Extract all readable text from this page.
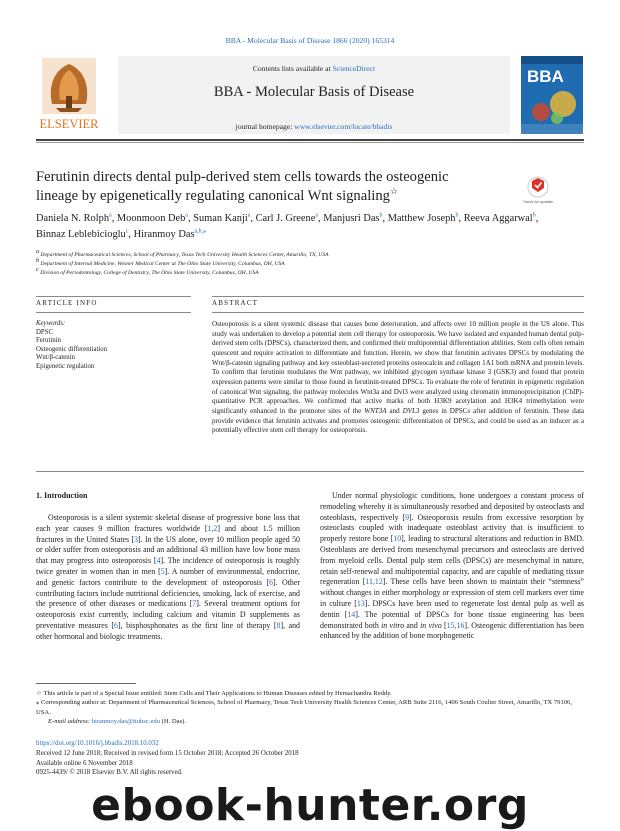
BBA - Molecular Basis of Disease 1866 (2020) 165314
Contents lists available at ScienceDirect
BBA - Molecular Basis of Disease
journal homepage: www.elsevier.com/locate/bbadis
ELSEVIER
BBA
Ferutinin directs dental pulp-derived stem cells towards the osteogenic lineage by epigenetically regulating canonical Wnt signaling☆
Check for updates
Daniela N. Rolph$^a$, Moonmoon Deb$^a$, Suman Kanji$^a$, Carl J. Greene$^a$, Manjusri Das$^b$, Matthew Joseph$^b$, Reeva Aggarwal$^b$, Binnaz Leblebicioglu$^c$, Hiranmoy Das$^{a,b,⁎}$
$^a$ Department of Pharmaceutical Sciences, School of Pharmacy, Texas Tech University Health Sciences Center, Amarillo, TX, USA
$^b$ Department of Internal Medicine, Wexner Medical Center at The Ohio State University, Columbus, OH, USA
$^c$ Division of Periodontology, College of Dentistry, The Ohio State University, Columbus, OH, USA
ARTICLE INFO	ABSTRACT
Keywords:
DPSC
Ferutinin
Osteogenic differentiation
Wnt/β-catenin
Epigenetic regulation
Osteoporosis is a silent systemic disease that causes bone deterioration, and affects over 10 million people in the US alone. This study was undertaken to develop a potential stem cell therapy for osteoporosis. We have isolated and expanded human dental pulp-derived stem cells (DPSCs), characterized them, and confirmed their multipotential differentiation abilities. Stem cells often remain quiescent and require activation to differentiate and function. Herein, we show that ferutinin activates DPSCs by modulating the Wnt/β-catenin signaling pathway and key osteoblast-secreted proteins osteocalcin and collagen 1A1 both mRNA and protein levels. To confirm that ferutinin modulates the Wnt pathway, we inhibited glycogen synthase kinase 3 (GSK3) and found that protein expression patterns were similar to those found in ferutinin-treated DPSCs. To evaluate the role of ferutinin in epigenetic regulation of canonical Wnt signaling, the pathway molecules Wnt3a and Dvl3 were analyzed using chromatin immunoprecipitation (ChIP)-quantitative PCR approaches. We confirmed that active marks of both H3K9 acetylation and H3K4 trimethylation were significantly enhanced in the promoter sites of the WNT3A and DVL3 genes in DPSCs after addition of ferutinin. These data provide evidence that ferutinin activates and promotes osteogenic differentiation of DPSCs, and could be used as an inducer as a potentially effective stem cell therapy for osteoporosis.
1. Introduction
Osteoporosis is a silent systemic skeletal disease of progressive bone loss that each year causes 9 million fractures worldwide [1,2] and about 1.5 million fractures in the United States [3]. In the US alone, over 10 million people aged 50 or older suffer from osteoporosis and an additional 43 million have low bone mass that may progress into osteoporosis [4]. The incidence of osteoporosis is roughly twice greater in women than in men [5]. A number of environmental, endocrine, and genetic factors contribute to the development of osteoporosis [6]. Other contributing factors include nutritional deficiencies, smoking, lack of exercise, and the presence of other diseases or medications [7]. Several treatment options for osteoporosis exist currently, including calcium and vitamin D supplements as preventative measures [6], bisphosphonates as the first line of therapy [8], and other hormonal and biologic treatments.
Under normal physiologic conditions, bone undergoes a constant process of remodeling whereby it is simultaneously resorbed and deposited by osteoclasts and osteoblasts, respectively [9]. Osteoporosis results from excessive resorption by osteoclasts coupled with inadequate osteoblast activity that is insufficient to properly restore bone [10], leading to structural alterations and reduction in BMD. Osteoblasts are derived from mesenchymal precursors and osteoclasts are derived from myeloid cells. Dental pulp stem cells (DPSCs) are mesenchymal in nature, retain self-renewal and multipotential capacity, and are capable of mediating tissue regeneration [11,12]. These cells have been shown to maintain their “stemness” without changes in either morphology or expression of stem cell markers over time in culture [13]. DPSCs have been used to regenerate lost dental pulp as well as dentin [14]. The potential of DPSCs for bone tissue engineering has been demonstrated both in vitro and in vivo [15,16]. Osteogenic differentiation has been enhanced by the addition of bone morphogenetic
☆ This article is part of a Special Issue entitled: Stem Cells and Their Applications to Human Diseases edited by Hemachandra Reddy.
⁎ Corresponding author at: Department of Pharmaceutical Sciences, School of Pharmacy, Texas Tech University Health Sciences Center, ARB Suite 2116, 1406 South Coulter Street, Amarillo, TX 79106, USA.
E-mail address: hiranmoy.das@ttuhsc.edu (H. Das).
https://doi.org/10.1016/j.bbadis.2018.10.032
Received 12 June 2018; Received in revised form 15 October 2018; Accepted 26 October 2018
Available online 6 November 2018
0925-4439/ © 2018 Elsevier B.V. All rights reserved.
ebook-hunter.org
